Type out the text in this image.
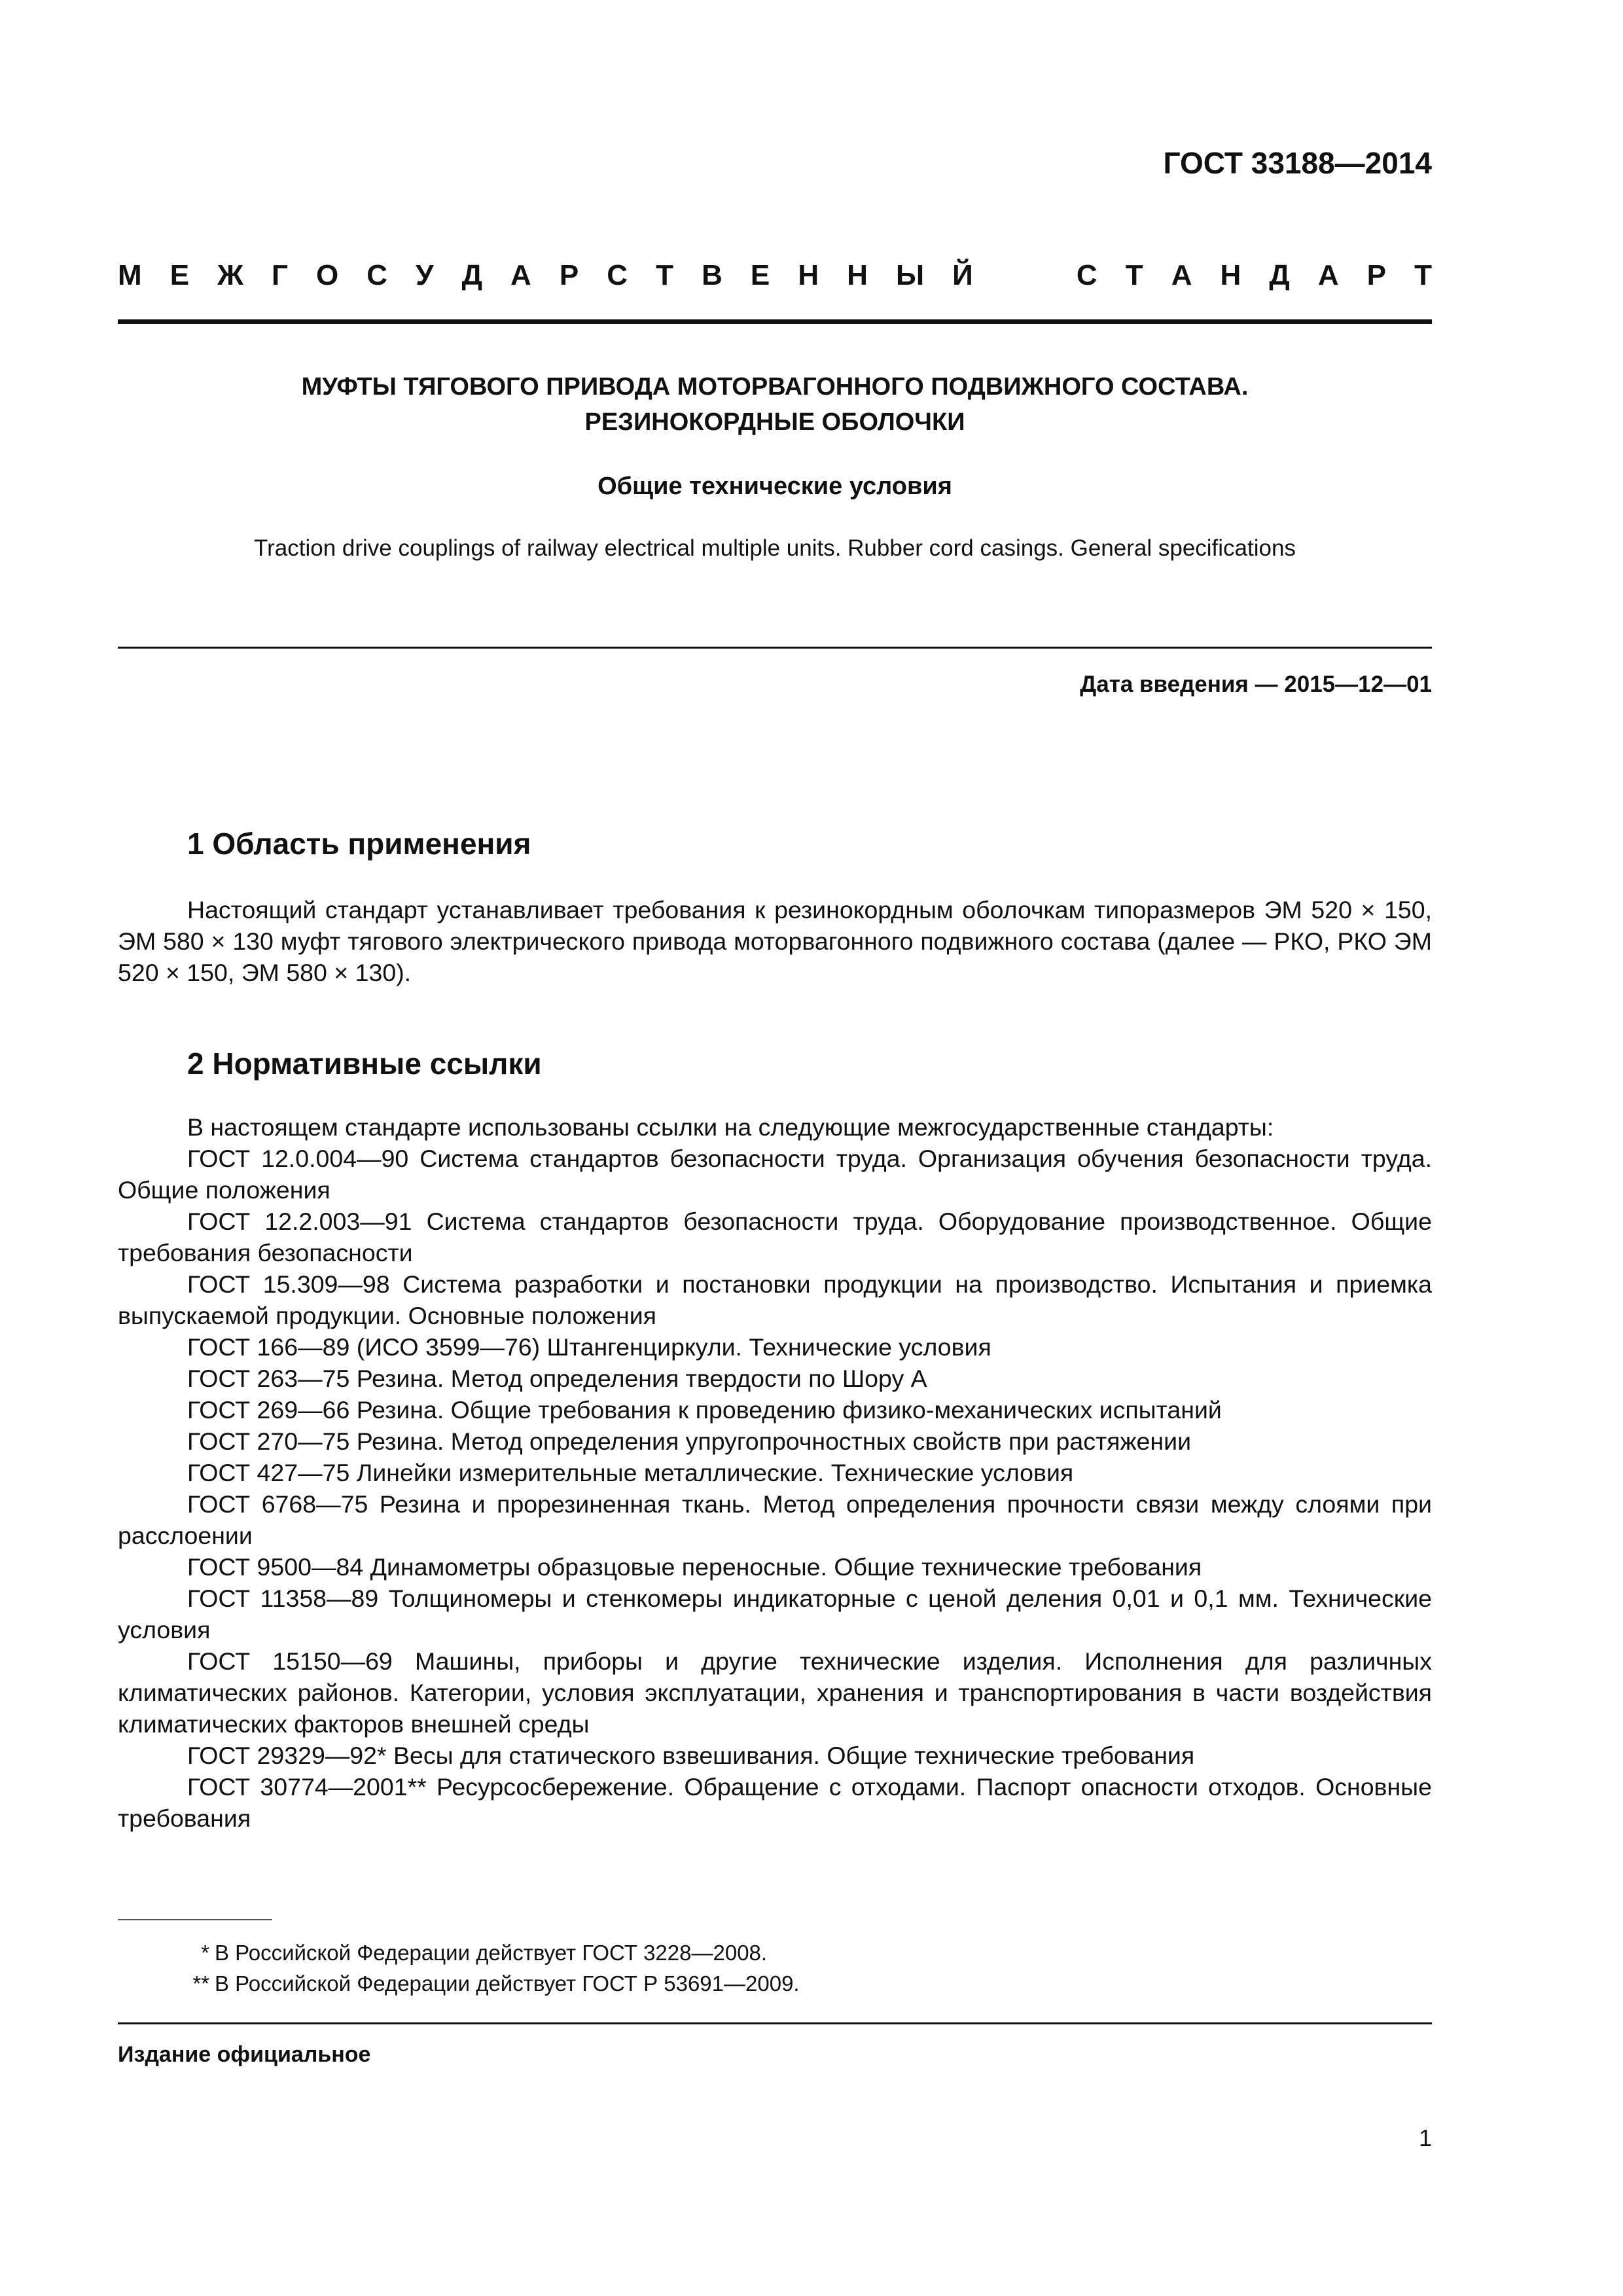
ГОСТ 33188—2014
М Е Ж Г О С У Д А Р С Т В Е Н Н Ы Й	С Т А Н Д А Р Т
МУФТЫ ТЯГОВОГО ПРИВОДА МОТОРВАГОННОГО ПОДВИЖНОГО СОСТАВА.
РЕЗИНОКОРДНЫЕ ОБОЛОЧКИ
Общие технические условия
Traction drive couplings of railway electrical multiple units. Rubber cord casings. General specifications
Дата введения — 2015—12—01
1 Область применения

Настоящий стандарт устанавливает требования к резинокордным оболочкам типоразмеров ЭМ 520 × 150, ЭМ 580 × 130 муфт тягового электрического привода моторвагонного подвижного состава (далее — РКО, РКО ЭМ 520 × 150, ЭМ 580 × 130).

2 Нормативные ссылки

В настоящем стандарте использованы ссылки на следующие межгосударственные стандарты:

ГОСТ 12.0.004—90 Система стандартов безопасности труда. Организация обучения безопасности труда. Общие положения

ГОСТ 12.2.003—91 Система стандартов безопасности труда. Оборудование производственное. Общие требования безопасности

ГОСТ 15.309—98 Система разработки и постановки продукции на производство. Испытания и приемка выпускаемой продукции. Основные положения

ГОСТ 166—89 (ИСО 3599—76) Штангенциркули. Технические условия

ГОСТ 263—75 Резина. Метод определения твердости по Шору А

ГОСТ 269—66 Резина. Общие требования к проведению физико-механических испытаний

ГОСТ 270—75 Резина. Метод определения упругопрочностных свойств при растяжении

ГОСТ 427—75 Линейки измерительные металлические. Технические условия

ГОСТ 6768—75 Резина и прорезиненная ткань. Метод определения прочности связи между слоями при расслоении

ГОСТ 9500—84 Динамометры образцовые переносные. Общие технические требования

ГОСТ 11358—89 Толщиномеры и стенкомеры индикаторные с ценой деления 0,01 и 0,1 мм. Технические условия

ГОСТ 15150—69 Машины, приборы и другие технические изделия. Исполнения для различных климатических районов. Категории, условия эксплуатации, хранения и транспортирования в части воздействия климатических факторов внешней среды

ГОСТ 29329—92* Весы для статического взвешивания. Общие технические требования

ГОСТ 30774—2001** Ресурсосбережение. Обращение с отходами. Паспорт опасности отходов. Основные требования

* В Российской Федерации действует ГОСТ 3228—2008.
** В Российской Федерации действует ГОСТ Р 53691—2009.
Издание официальное
1
